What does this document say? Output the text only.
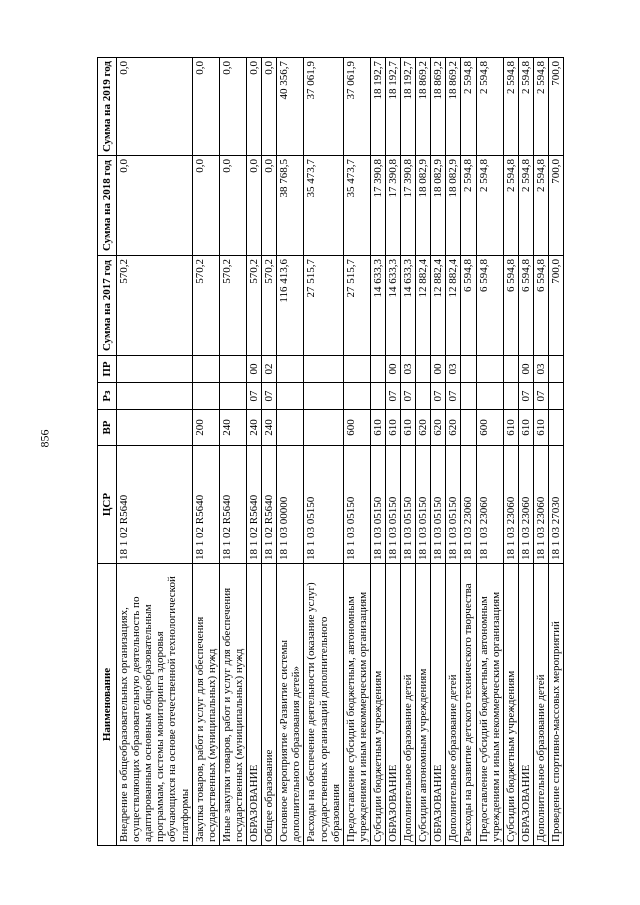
856
Наименование	ЦСР	ВР	Рз	ПР	Сумма на 2017 год	Сумма на 2018 год	Сумма на 2019 год
Внедрение в общеобразовательных организациях, осуществляющих образовательную деятельность по адаптированным основным общеобразовательным программам, системы мониторинга здоровья обучающихся на основе отечественной технологической платформы	18 1 02 R5640				570,2	0,0	0,0
Закупка товаров, работ и услуг для обеспечения государственных (муниципальных) нужд	18 1 02 R5640	200			570,2	0,0	0,0
Иные закупки товаров, работ и услуг для обеспечения государственных (муниципальных) нужд	18 1 02 R5640	240			570,2	0,0	0,0
ОБРАЗОВАНИЕ	18 1 02 R5640	240	07	00	570,2	0,0	0,0
Общее образование	18 1 02 R5640	240	07	02	570,2	0,0	0,0
Основное мероприятие «Развитие системы дополнительного образования детей»	18 1 03 00000				116 413,6	38 768,5	40 356,7
Расходы на обеспечение деятельности (оказание услуг) государственных организаций дополнительного образования	18 1 03 05150				27 515,7	35 473,7	37 061,9
Предоставление субсидий бюджетным, автономным учреждениям и иным некоммерческим организациям	18 1 03 05150	600			27 515,7	35 473,7	37 061,9
Субсидии бюджетным учреждениям	18 1 03 05150	610			14 633,3	17 390,8	18 192,7
ОБРАЗОВАНИЕ	18 1 03 05150	610	07	00	14 633,3	17 390,8	18 192,7
Дополнительное образование детей	18 1 03 05150	610	07	03	14 633,3	17 390,8	18 192,7
Субсидии автономным учреждениям	18 1 03 05150	620			12 882,4	18 082,9	18 869,2
ОБРАЗОВАНИЕ	18 1 03 05150	620	07	00	12 882,4	18 082,9	18 869,2
Дополнительное образование детей	18 1 03 05150	620	07	03	12 882,4	18 082,9	18 869,2
Расходы на развитие детского технического творчества	18 1 03 23060				6 594,8	2 594,8	2 594,8
Предоставление субсидий бюджетным, автономным учреждениям и иным некоммерческим организациям	18 1 03 23060	600			6 594,8	2 594,8	2 594,8
Субсидии бюджетным учреждениям	18 1 03 23060	610			6 594,8	2 594,8	2 594,8
ОБРАЗОВАНИЕ	18 1 03 23060	610	07	00	6 594,8	2 594,8	2 594,8
Дополнительное образование детей	18 1 03 23060	610	07	03	6 594,8	2 594,8	2 594,8
Проведение спортивно-массовых мероприятий	18 1 03 27030				700,0	700,0	700,0
